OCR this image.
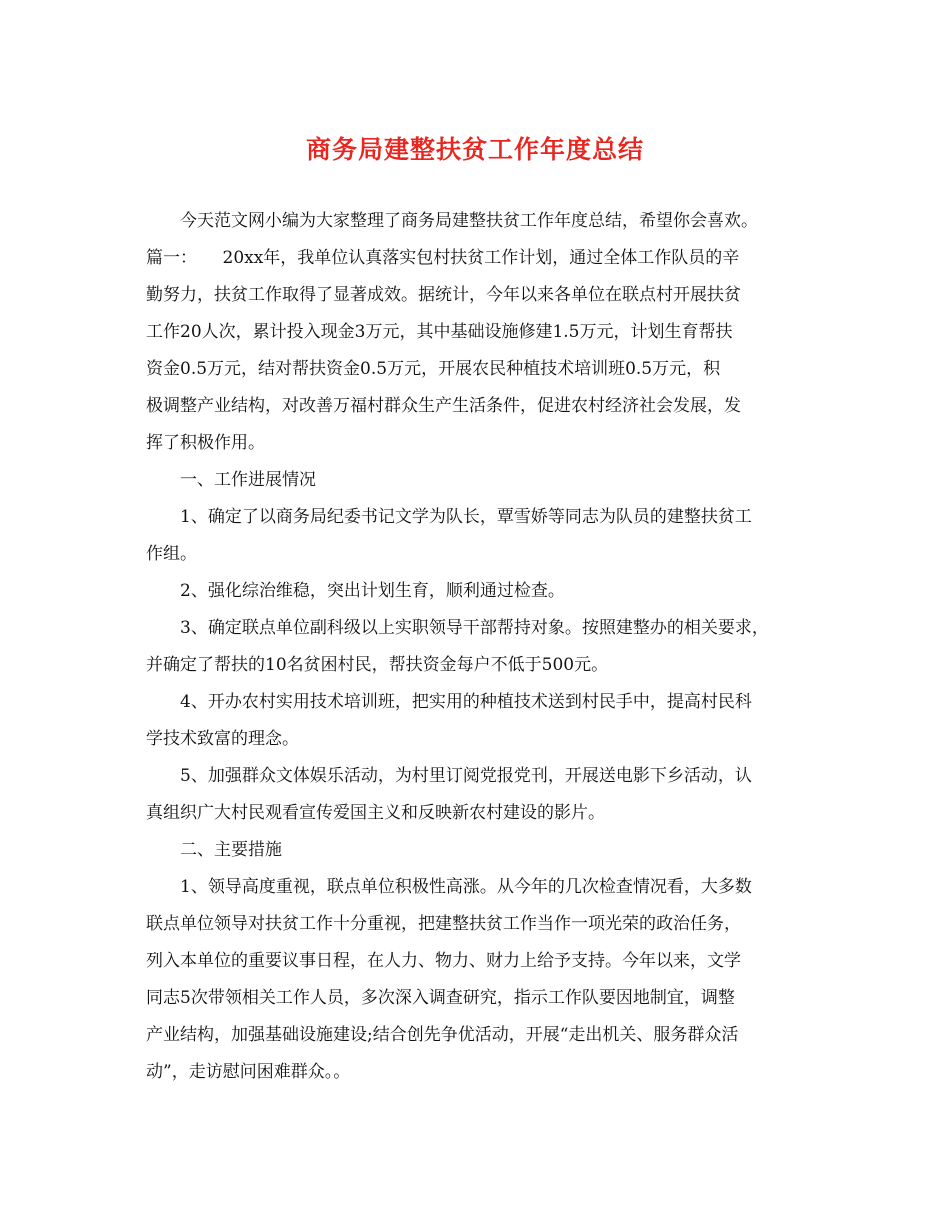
商务局建整扶贫工作年度总结
今天范文网小编为大家整理了商务局建整扶贫工作年度总结，希望你会喜欢。
篇一：　　20xx年，我单位认真落实包村扶贫工作计划，通过全体工作队员的辛
勤努力，扶贫工作取得了显著成效。据统计，今年以来各单位在联点村开展扶贫
工作20人次，累计投入现金3万元，其中基础设施修建1.5万元，计划生育帮扶
资金0.5万元，结对帮扶资金0.5万元，开展农民种植技术培训班0.5万元，积
极调整产业结构，对改善万福村群众生产生活条件，促进农村经济社会发展，发
挥了积极作用。
一、工作进展情况
1、确定了以商务局纪委书记文学为队长，覃雪娇等同志为队员的建整扶贫工
作组。
2、强化综治维稳，突出计划生育，顺利通过检查。
3、确定联点单位副科级以上实职领导干部帮持对象。按照建整办的相关要求，
并确定了帮扶的10名贫困村民，帮扶资金每户不低于500元。
4、开办农村实用技术培训班，把实用的种植技术送到村民手中，提高村民科
学技术致富的理念。
5、加强群众文体娱乐活动，为村里订阅党报党刊，开展送电影下乡活动，认
真组织广大村民观看宣传爱国主义和反映新农村建设的影片。
二、主要措施
1、领导高度重视，联点单位积极性高涨。从今年的几次检查情况看，大多数
联点单位领导对扶贫工作十分重视，把建整扶贫工作当作一项光荣的政治任务，
列入本单位的重要议事日程，在人力、物力、财力上给予支持。今年以来，文学
同志5次带领相关工作人员，多次深入调查研究，指示工作队要因地制宜，调整
产业结构，加强基础设施建设;结合创先争优活动，开展“走出机关、服务群众活
动”，走访慰问困难群众。。
